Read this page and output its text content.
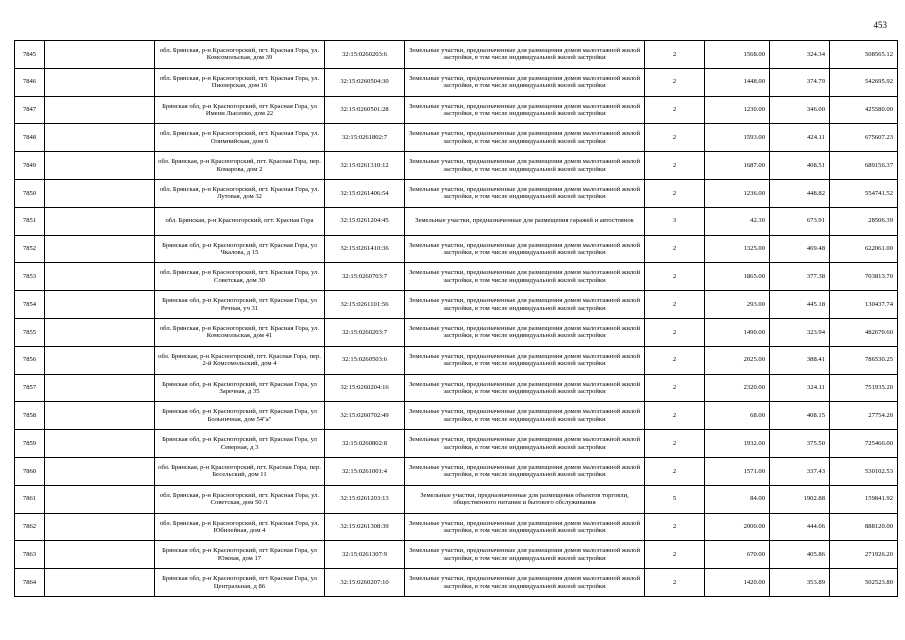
453
7845		обл. Брянская, р-н Красногорский, пгт. Красная Гора, ул. Комсомольская, дом 39	32:15:0260203:6	Земельные участки, предназначенные для размещения домов малоэтажной жилой застройки, в том числе индивидуальной жилой застройки	2	1568.00	324.34	508565.12
7846		обл. Брянская, р-н Красногорский, пгт. Красная Гора, ул. Пионерская, дом 16	32:15:0260504:30	Земельные участки, предназначенные для размещения домов малоэтажной жилой застройки, в том числе индивидуальной жилой застройки	2	1448.00	374.79	542695.92
7847		Брянская обл, р-н Красногорский, пгт Красная Гора, ул Имени Лысенко, дом 22	32:15:0260501:28	Земельные участки, предназначенные для размещения домов малоэтажной жилой застройки, в том числе индивидуальной жилой застройки	2	1230.00	346.00	425580.00
7848		обл. Брянская, р-н Красногорский, пгт. Красная Гора, ул. Олимпийская, дом 6	32:15:0261802:7	Земельные участки, предназначенные для размещения домов малоэтажной жилой застройки, в том числе индивидуальной жилой застройки	2	1593.00	424.11	675607.23
7849		обл. Брянская, р-н Красногорский, пгт. Красная Гора, пер. Комарова, дом 2	32:15:0261310:12	Земельные участки, предназначенные для размещения домов малоэтажной жилой застройки, в том числе индивидуальной жилой застройки	2	1687.00	408.51	689156.37
7850		обл. Брянская, р-н Красногорский, пгт. Красная Гора, ул. Лутовая, дом 32	32:15:0261406:54	Земельные участки, предназначенные для размещения домов малоэтажной жилой застройки, в том числе индивидуальной жилой застройки	2	1236.00	448.82	554741.52
7851		обл. Брянская, р-н Красногорский, пгт. Красная Гора	32:15:0261204:45	Земельные участки, предназначенные для размещения гаражей и автостоянок	3	42.30	673.91	28506.39
7852		Брянская обл, р-н Красногорский, пгт Красная Гора, ул Чкалова, д 15	32:15:0261410:36	Земельные участки, предназначенные для размещения домов малоэтажной жилой застройки, в том числе индивидуальной жилой застройки	2	1325.00	469.48	622061.00
7853		обл. Брянская, р-н Красногорский, пгт. Красная Гора, ул. Советская, дом 30	32:15:0260703:7	Земельные участки, предназначенные для размещения домов малоэтажной жилой застройки, в том числе индивидуальной жилой застройки	2	1865.00	377.38	703813.70
7854		Брянская обл, р-н Красногорский, пгт Красная Гора, ул Речная, уч 31	32:15:0261101:56	Земельные участки, предназначенные для размещения домов малоэтажной жилой застройки, в том числе индивидуальной жилой застройки	2	293.00	445.18	130437.74
7855		обл. Брянская, р-н Красногорский, пгт. Красная Гора, ул. Комсомольская, дом 41	32:15:0260203:7	Земельные участки, предназначенные для размещения домов малоэтажной жилой застройки, в том числе индивидуальной жилой застройки	2	1490.00	323.94	482670.60
7856		обл. Брянская, р-н Красногорский, пгт. Красная Гора, пер. 2-й Комсомольский, дом 4	32:15:0260503:6	Земельные участки, предназначенные для размещения домов малоэтажной жилой застройки, в том числе индивидуальной жилой застройки	2	2025.00	388.41	786530.25
7857		Брянская обл, р-н Красногорский, пгт Красная Гора, ул Заречная, д 35	32:15:0260204:16	Земельные участки, предназначенные для размещения домов малоэтажной жилой застройки, в том числе индивидуальной жилой застройки	2	2320.00	324.11	751935.20
7858		Брянская обл, р-н Красногорский, пгт Красная Гора, ул Больничная, дом 54"а"	32:15:0260702:49	Земельные участки, предназначенные для размещения домов малоэтажной жилой застройки, в том числе индивидуальной жилой застройки	2	68.00	408.15	27754.20
7859		Брянская обл, р-н Красногорский, пгт Красная Гора, ул Северная, д 3	32:15:0260802:8	Земельные участки, предназначенные для размещения домов малоэтажной жилой застройки, в том числе индивидуальной жилой застройки	2	1932.00	375.50	725466.00
7860		обл. Брянская, р-н Красногорский, пгт. Красная Гора, пер. Бесельский, дом 11	32:15:0261001:4	Земельные участки, предназначенные для размещения домов малоэтажной жилой застройки, в том числе индивидуальной жилой застройки	2	1571.00	337.43	530102.53
7861		обл. Брянская, р-н Красногорский, пгт. Красная Гора, ул. Советская, дом 50 /1	32:15:0261203:13	Земельные участки, предназначенные для размещения объектов торговли, общественного питания и бытового обслуживания	5	84.00	1902.88	159841.92
7862		обл. Брянская, р-н Красногорский, пгт. Красная Гора, ул. Юбилейная, дом 4	32:15:0261308:39	Земельные участки, предназначенные для размещения домов малоэтажной жилой застройки, в том числе индивидуальной жилой застройки	2	2000.00	444.06	888120.00
7863		Брянская обл, р-н Красногорский, пгт Красная Гора, ул Южная, дом 17	32:15:0261307:9	Земельные участки, предназначенные для размещения домов малоэтажной жилой застройки, в том числе индивидуальной жилой застройки	2	670.00	405.86	271926.20
7864		Брянская обл, р-н Красногорский, пгт Красная Гора, ул Центральная, д 86	32:15:0260207:10	Земельные участки, предназначенные для размещения домов малоэтажной жилой застройки, в том числе индивидуальной жилой застройки	2	1420.00	353.89	502523.80
